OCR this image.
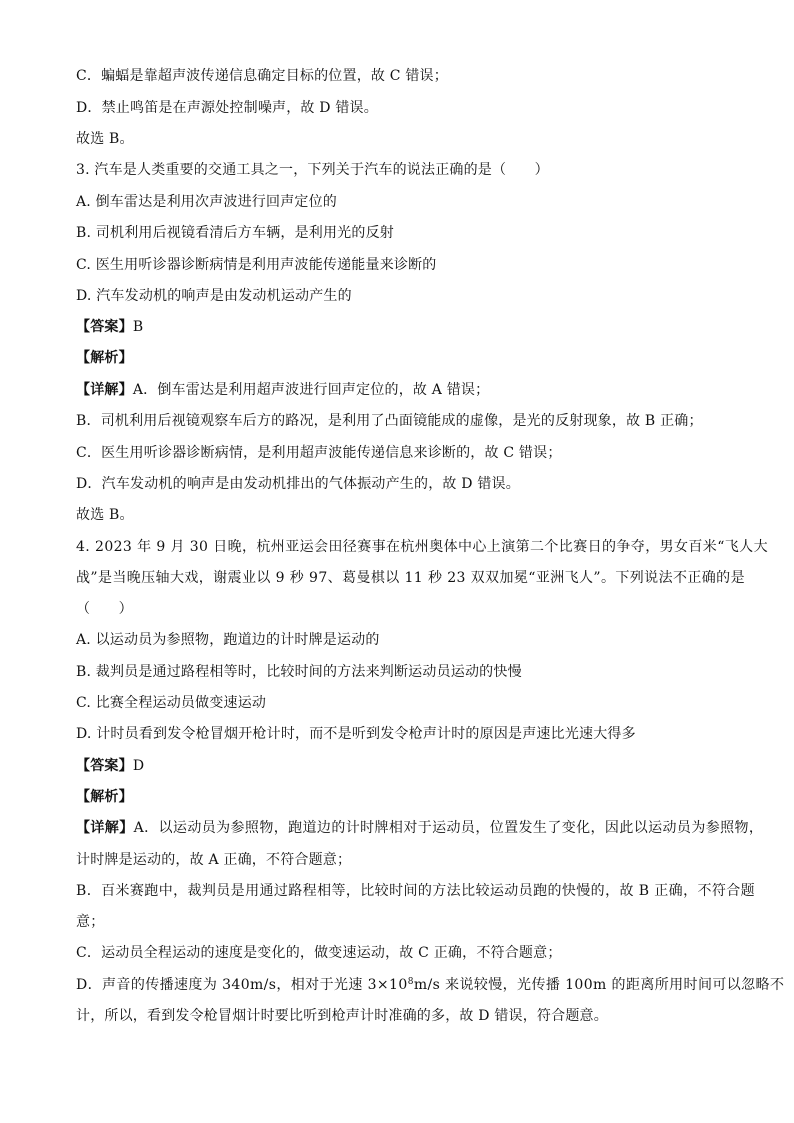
C．蝙蝠是靠超声波传递信息确定目标的位置，故 C 错误；
D．禁止鸣笛是在声源处控制噪声，故 D 错误。
故选 B。
3. 汽车是人类重要的交通工具之一，下列关于汽车的说法正确的是（　　）
A. 倒车雷达是利用次声波进行回声定位的
B. 司机利用后视镜看清后方车辆，是利用光的反射
C. 医生用听诊器诊断病情是利用声波能传递能量来诊断的
D. 汽车发动机的响声是由发动机运动产生的
【答案】B
【解析】
【详解】A．倒车雷达是利用超声波进行回声定位的，故 A 错误；
B．司机利用后视镜观察车后方的路况，是利用了凸面镜能成的虚像，是光的反射现象，故 B 正确；
C．医生用听诊器诊断病情，是利用超声波能传递信息来诊断的，故 C 错误；
D．汽车发动机的响声是由发动机排出的气体振动产生的，故 D 错误。
故选 B。
4. 2023 年 9 月 30 日晚，杭州亚运会田径赛事在杭州奥体中心上演第二个比赛日的争夺，男女百米“飞人大
战”是当晚压轴大戏，谢震业以 9 秒 97、葛曼棋以 11 秒 23 双双加冕“亚洲飞人”。下列说法不正确的是
（　　）
A. 以运动员为参照物，跑道边的计时牌是运动的
B. 裁判员是通过路程相等时，比较时间的方法来判断运动员运动的快慢
C. 比赛全程运动员做变速运动
D. 计时员看到发令枪冒烟开枪计时，而不是听到发令枪声计时的原因是声速比光速大得多
【答案】D
【解析】
【详解】A．以运动员为参照物，跑道边的计时牌相对于运动员，位置发生了变化，因此以运动员为参照物，
计时牌是运动的，故 A 正确，不符合题意；
B．百米赛跑中，裁判员是用通过路程相等，比较时间的方法比较运动员跑的快慢的，故 B 正确，不符合题
意；
C．运动员全程运动的速度是变化的，做变速运动，故 C 正确，不符合题意；
D．声音的传播速度为 340m/s，相对于光速 $3\times 10^8m/s$ 来说较慢，光传播 100m 的距离所用时间可以忽略不
计，所以，看到发令枪冒烟计时要比听到枪声计时准确的多，故 D 错误，符合题意。
